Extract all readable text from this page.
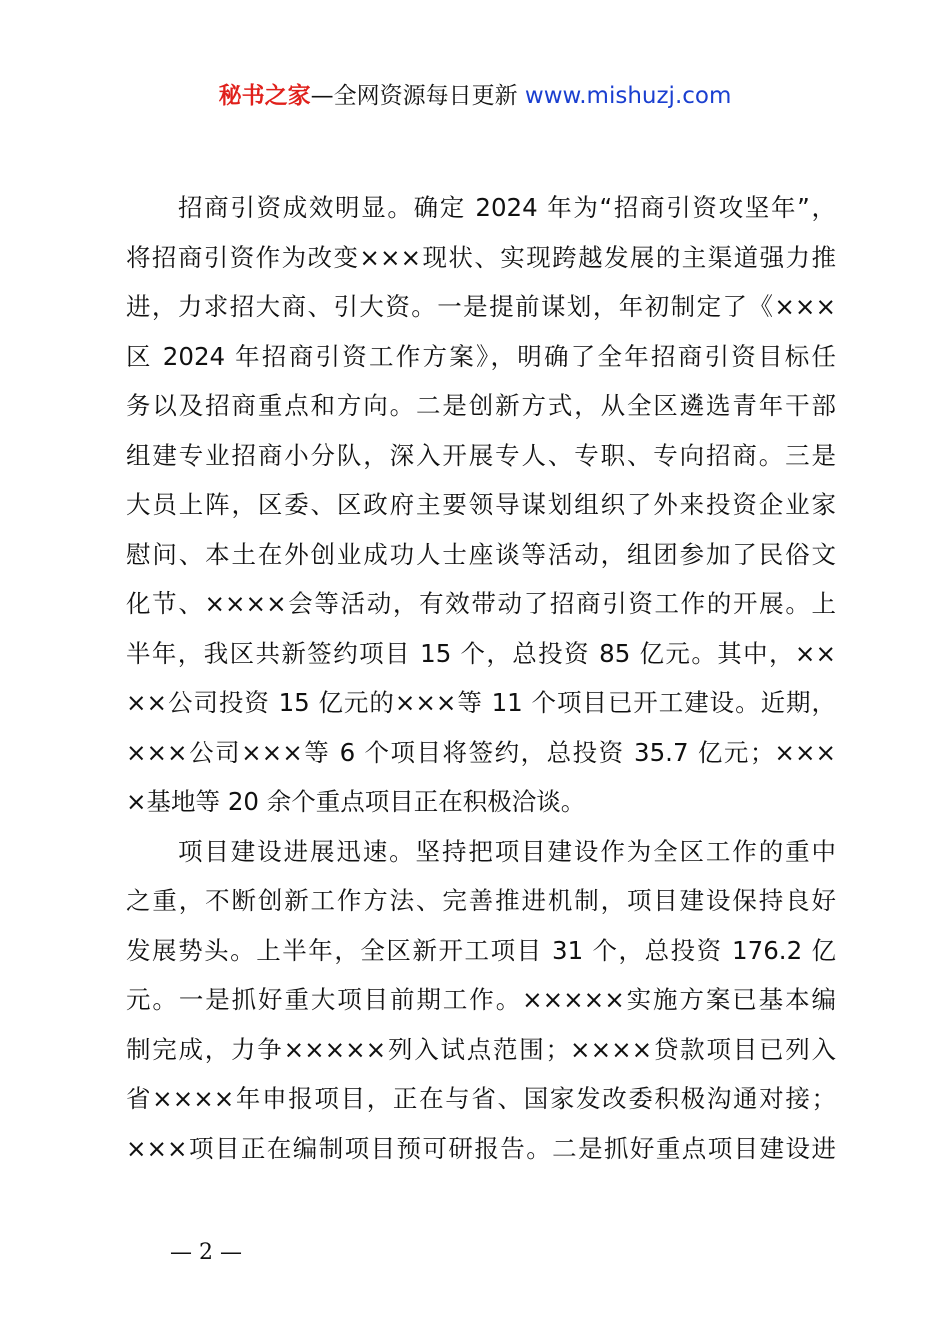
秘书之家—全网资源每日更新 www.mishuzj.com
招商引资成效明显。确定 2024 年为“招商引资攻坚年”，
将招商引资作为改变×××现状、实现跨越发展的主渠道强力推
进，力求招大商、引大资。一是提前谋划，年初制定了《×××
区 2024 年招商引资工作方案》，明确了全年招商引资目标任
务以及招商重点和方向。二是创新方式，从全区遴选青年干部
组建专业招商小分队，深入开展专人、专职、专向招商。三是
大员上阵，区委、区政府主要领导谋划组织了外来投资企业家
慰问、本土在外创业成功人士座谈等活动，组团参加了民俗文
化节、××××会等活动，有效带动了招商引资工作的开展。上
半年，我区共新签约项目 15 个，总投资 85 亿元。其中，××
××公司投资 15 亿元的×××等 11 个项目已开工建设。近期，
×××公司×××等 6 个项目将签约，总投资 35.7 亿元；×××
×基地等 20 余个重点项目正在积极洽谈。
项目建设进展迅速。坚持把项目建设作为全区工作的重中
之重，不断创新工作方法、完善推进机制，项目建设保持良好
发展势头。上半年，全区新开工项目 31 个，总投资 176.2 亿
元。一是抓好重大项目前期工作。×××××实施方案已基本编
制完成，力争×××××列入试点范围；××××贷款项目已列入
省××××年申报项目，正在与省、国家发改委积极沟通对接；
×××项目正在编制项目预可研报告。二是抓好重点项目建设进
— 2 —
